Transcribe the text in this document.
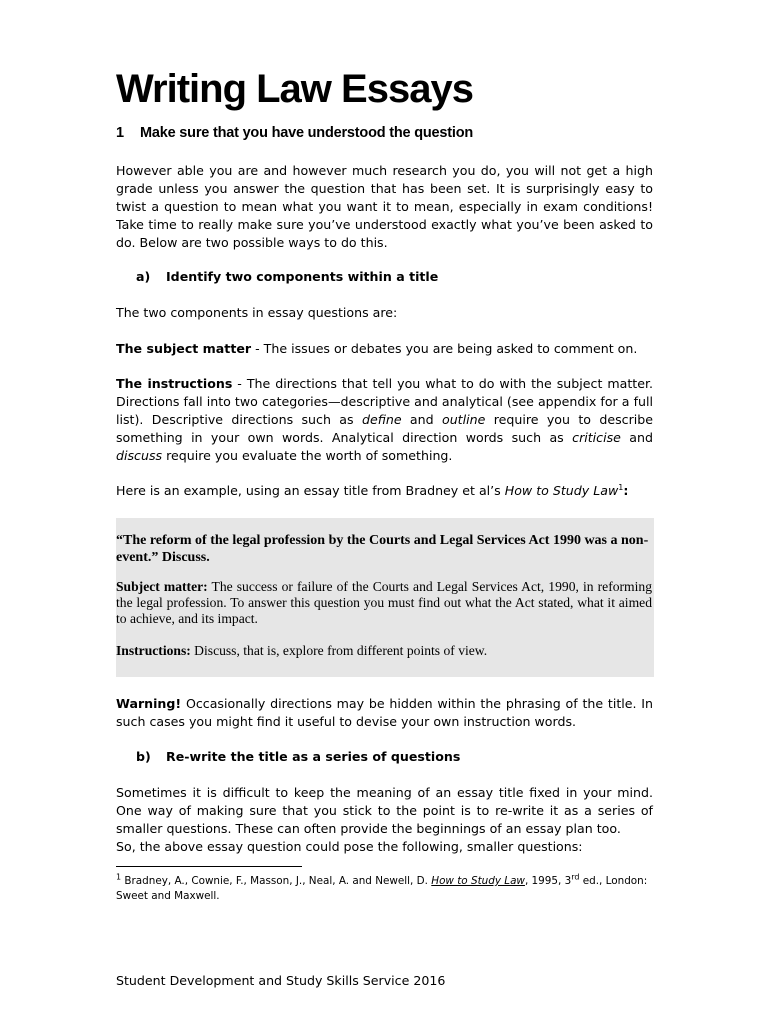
Writing Law Essays
1 Make sure that you have understood the question
However able you are and however much research you do, you will not get a high grade unless you answer the question that has been set. It is surprisingly easy to twist a question to mean what you want it to mean, especially in exam conditions! Take time to really make sure you’ve understood exactly what you’ve been asked to do. Below are two possible ways to do this.
a) Identify two components within a title
The two components in essay questions are:
The subject matter - The issues or debates you are being asked to comment on.
The instructions - The directions that tell you what to do with the subject matter. Directions fall into two categories—descriptive and analytical (see appendix for a full list). Descriptive directions such as define and outline require you to describe something in your own words. Analytical direction words such as criticise and discuss require you evaluate the worth of something.
Here is an example, using an essay title from Bradney et al’s How to Study Law$^1$:
“The reform of the legal profession by the Courts and Legal Services Act 1990 was a non-event.” Discuss.
Subject matter: The success or failure of the Courts and Legal Services Act, 1990, in reforming the legal profession. To answer this question you must find out what the Act stated, what it aimed to achieve, and its impact.
Instructions: Discuss, that is, explore from different points of view.
Warning! Occasionally directions may be hidden within the phrasing of the title. In such cases you might find it useful to devise your own instruction words.
b) Re-write the title as a series of questions
Sometimes it is difficult to keep the meaning of an essay title fixed in your mind. One way of making sure that you stick to the point is to re-write it as a series of smaller questions. These can often provide the beginnings of an essay plan too.
So, the above essay question could pose the following, smaller questions:
$^1$ Bradney, A., Cownie, F., Masson, J., Neal, A. and Newell, D. How to Study Law, 1995, 3rd ed., London: Sweet and Maxwell.
Student Development and Study Skills Service 2016
